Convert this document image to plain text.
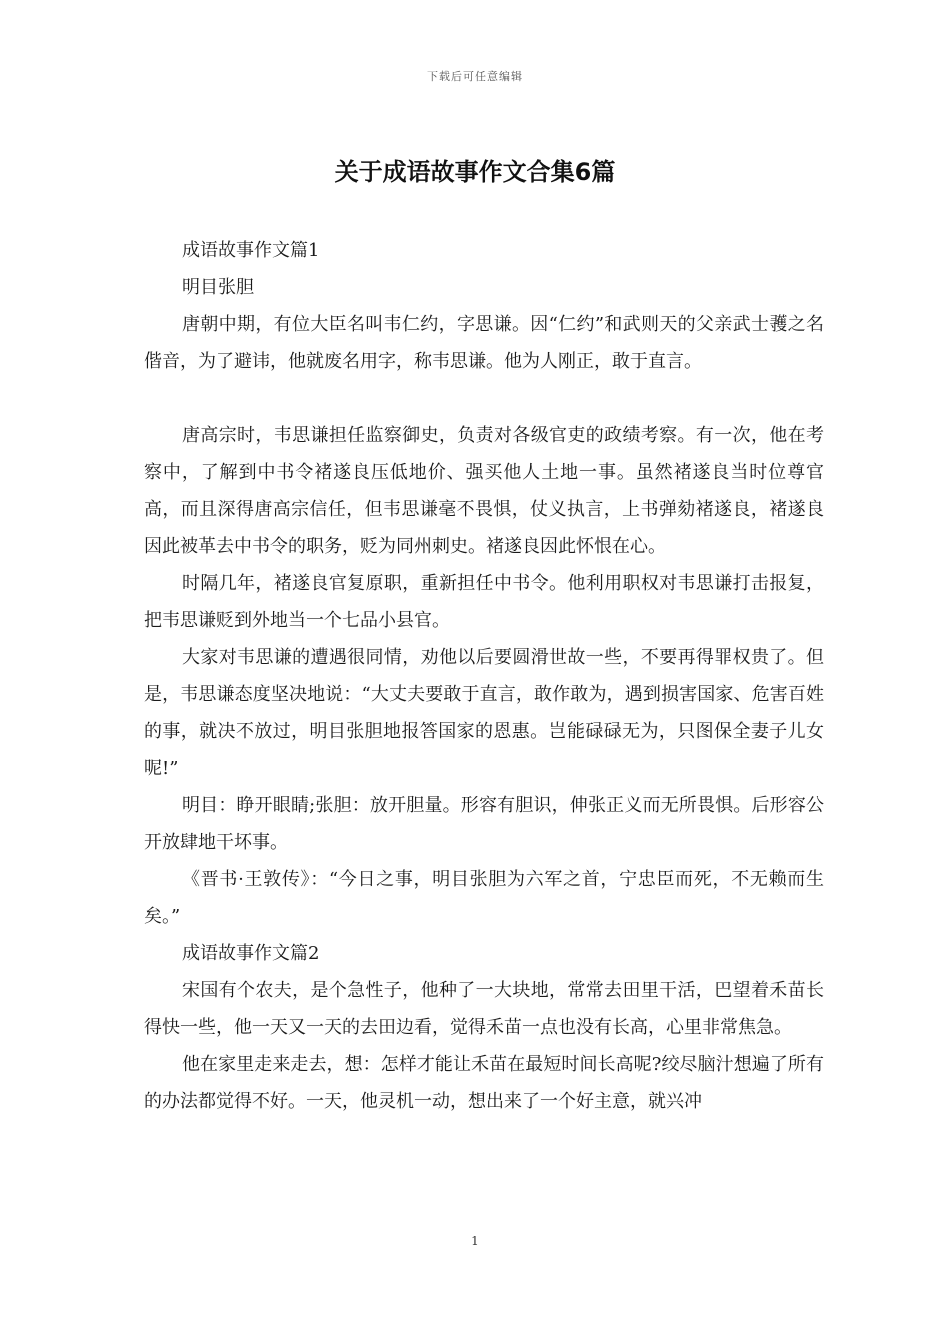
下载后可任意编辑
关于成语故事作文合集6篇

成语故事作文篇1

明目张胆

唐朝中期，有位大臣名叫韦仁约，字思谦。因“仁约”和武则天的父亲武士彟之名偕音，为了避讳，他就废名用字，称韦思谦。他为人刚正，敢于直言。

唐高宗时，韦思谦担任监察御史，负责对各级官吏的政绩考察。有一次，他在考察中，了解到中书令褚遂良压低地价、强买他人土地一事。虽然褚遂良当时位尊官高，而且深得唐高宗信任，但韦思谦毫不畏惧，仗义执言，上书弹劾褚遂良，褚遂良因此被革去中书令的职务，贬为同州刺史。褚遂良因此怀恨在心。

时隔几年，褚遂良官复原职，重新担任中书令。他利用职权对韦思谦打击报复，把韦思谦贬到外地当一个七品小县官。

大家对韦思谦的遭遇很同情，劝他以后要圆滑世故一些，不要再得罪权贵了。但是，韦思谦态度坚决地说：“大丈夫要敢于直言，敢作敢为，遇到损害国家、危害百姓的事，就决不放过，明目张胆地报答国家的恩惠。岂能碌碌无为，只图保全妻子儿女呢!”

明目：睁开眼睛;张胆：放开胆量。形容有胆识，伸张正义而无所畏惧。后形容公开放肆地干坏事。

《晋书·王敦传》：“今日之事，明目张胆为六军之首，宁忠臣而死，不无赖而生矣。”

成语故事作文篇2

宋国有个农夫，是个急性子，他种了一大块地，常常去田里干活，巴望着禾苗长得快一些，他一天又一天的去田边看，觉得禾苗一点也没有长高，心里非常焦急。

他在家里走来走去，想：怎样才能让禾苗在最短时间长高呢?绞尽脑汁想遍了所有的办法都觉得不好。一天，他灵机一动，想出来了一个好主意，就兴冲

1
